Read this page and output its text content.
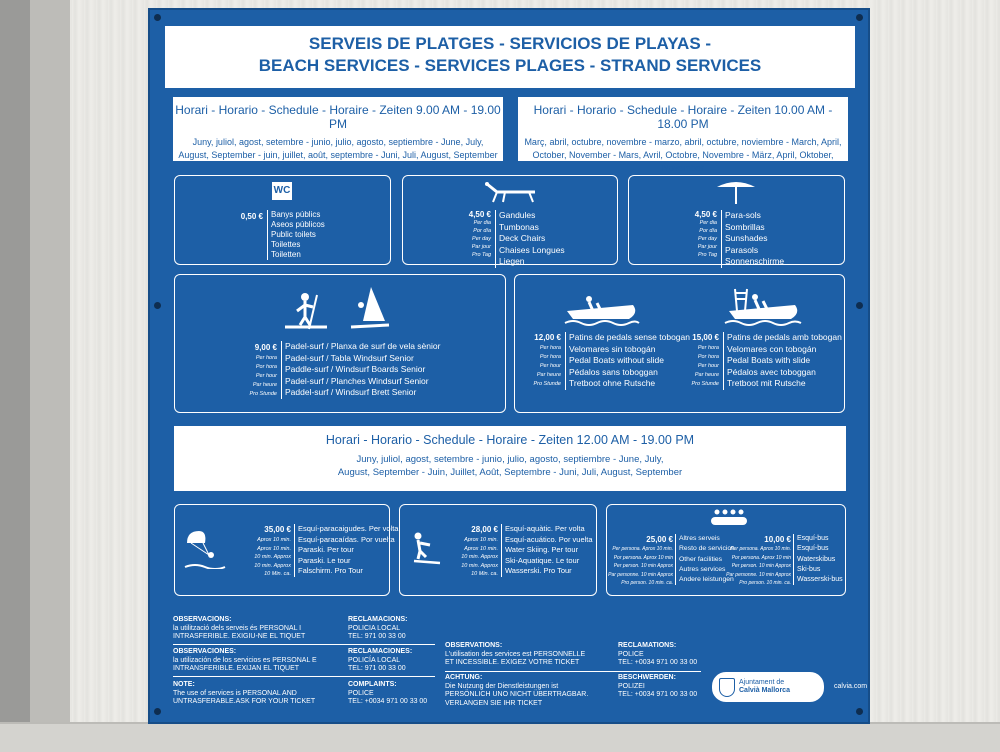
SERVEIS DE PLATGES - SERVICIOS DE PLAYAS -
BEACH SERVICES - SERVICES PLAGES - STRAND SERVICES
Horari - Horario - Schedule - Horaire - Zeiten 9.00 AM - 19.00 PM
Juny, juliol, agost, setembre - junio, julio, agosto, septiembre - June, July,
August, September - juin, juillet, août, septembre - Juni, Juli, August, September
Horari - Horario - Schedule - Horaire - Zeiten 10.00 AM - 18.00 PM
Març, abril, octubre, novembre - marzo, abril, octubre, noviembre - March, April,
October, November - Mars, Avril, Octobre, Novembre - März, April, Oktober, November
WC
0,50 € Banys públics
Aseos públicos
Public toilets
Toilettes
Toiletten
4,50 €
Per dia
Por día
Per day
Par jour
Pro Tag
Gandules
Tumbonas
Deck Chairs
Chaises Longues
Liegen
4,50 €
Per dia
Por día
Per day
Par jour
Pro Tag
Para-sols
Sombrillas
Sunshades
Parasols
Sonnenschirme
9,00 €
Per hora
Por hora
Per hour
Par heure
Pro Stunde
Padel-surf / Planxa de surf de vela sènior
Padel-surf / Tabla Windsurf Senior
Paddle-surf / Windsurf Boards Senior
Padel-surf / Planches Windsurf Senior
Paddel-surf / Windsurf Brett Senior
12,00 €
Per hora
Por hora
Per hour
Par heure
Pro Stunde
Patins de pedals sense tobogan
Velomares sin tobogán
Pedal Boats without slide
Pédalos sans toboggan
Tretboot ohne Rutsche
15,00 €
Per hora
Por hora
Per hour
Par heure
Pro Stunde
Patins de pedals amb tobogan
Velomares con tobogán
Pedal Boats with slide
Pédalos avec toboggan
Tretboot mit Rutsche
Horari - Horario - Schedule - Horaire - Zeiten 12.00 AM - 19.00 PM
Juny, juliol, agost, setembre - junio, julio, agosto, septiembre - June, July,
August, September - Juin, Juillet, Août, Septembre - Juni, Juli, August, September
35,00 €
Aprox 10 min.
Aprox 10 min.
10 min. Approx
10 min. Approx
10 Min. ca.
Esquí-paracaigudes. Per volta
Esquí-paracaídas. Por vuelta
Paraski. Per tour
Paraski. Le tour
Falschirm. Pro Tour
28,00 €
Aprox 10 min.
Aprox 10 min.
10 min. Approx
10 min. Approx
10 Min. ca.
Esquí-aquàtic. Per volta
Esquí-acuático. Por vuelta
Water Skiing. Per tour
Ski-Aquatique. Le tour
Wasserski. Pro Tour
25,00 €
Per persona. Aprox 10 min.
Por persona. Aprox 10 min
Per person. 10 min Approx
Par personne. 10 min Approx
Pro person. 10 min. ca.
Altres serveis
Resto de servicios
Other facilities
Autres services
Andere leistungen
10,00 €
Per persona. Aprox 10 min.
Por persona. Aprox 10 min
Per person. 10 min Approx
Par personne. 10 min Approx
Pro person. 10 min. ca.
Esquí-bus
Esquí-bus
Waterskibus
Ski-bus
Wasserski-bus
OBSERVACIONS:
la utilització dels serveis és PERSONAL I INTRASFERIBLE. EXIGIU-NE EL TIQUET
OBSERVACIONES:
la utilización de los servicios es PERSONAL E INTRANSFERIBLE. EXIJAN EL TIQUET
NOTE:
The use of services is PERSONAL AND UNTRASFERABLE.ASK FOR YOUR TICKET
RECLAMACIONS:
POLICIA LOCAL
TEL: 971 00 33 00
RECLAMACIONES:
POLICÍA LOCAL
TEL: 971 00 33 00
COMPLAINTS:
POLICE
TEL: +0034 971 00 33 00
OBSERVATIONS:
L'utilisation des services est PERSONNELLE ET INCESSIBLE. EXIGEZ VOTRE TICKET
ACHTUNG:
Die Nutzung der Dienstleistungen ist PERSÖNLICH UNO NICHT ÜBERTRAGBAR. VERLANGEN SIE IHR TICKET
RECLAMATIONS:
POLICE
TEL: +0034 971 00 33 00
BESCHWERDEN:
POLIZEI
TEL: +0034 971 00 33 00
Ajuntament de
Calvià Mallorca
calvia.com
